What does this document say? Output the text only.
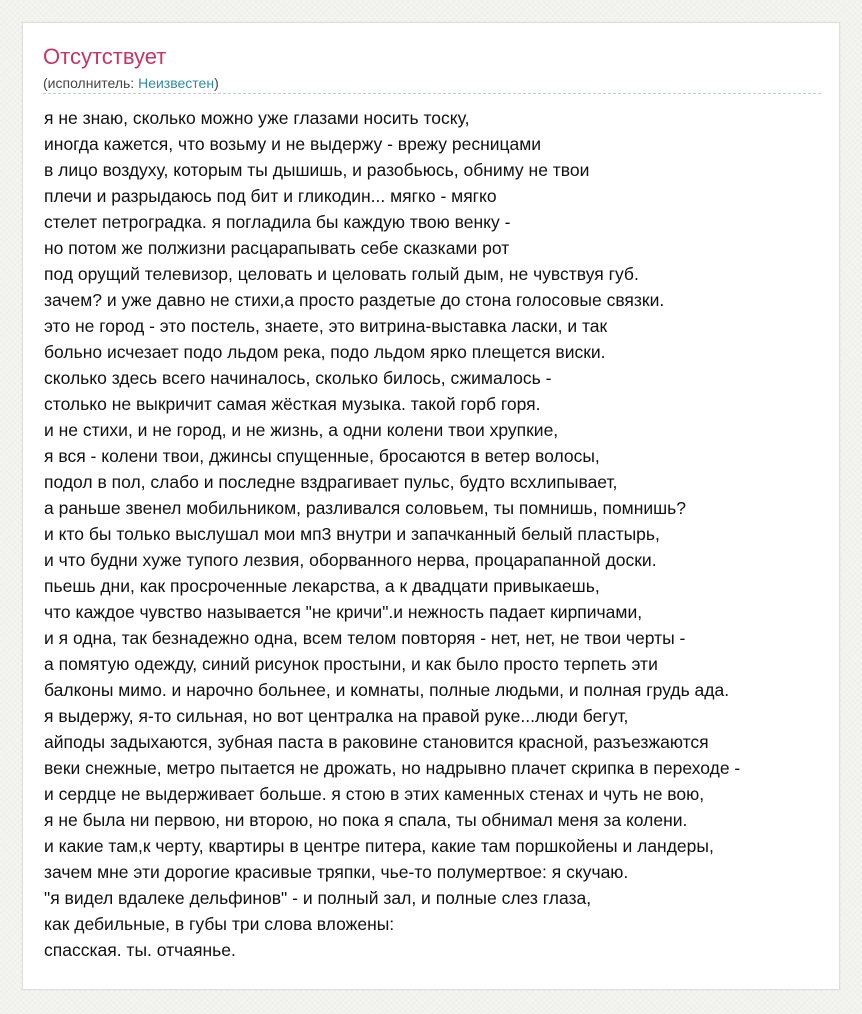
Отсутствует
(исполнитель: Неизвестен)
я не знаю, сколько можно уже глазами носить тоску,
иногда кажется, что возьму и не выдержу - врежу ресницами
в лицо воздуху, которым ты дышишь, и разобьюсь, обниму не твои
плечи и разрыдаюсь под бит и гликодин... мягко - мягко
стелет петроградка. я погладила бы каждую твою венку -
но потом же полжизни расцарапывать себе сказками рот
под орущий телевизор, целовать и целовать голый дым, не чувствуя губ.
зачем? и уже давно не стихи,а просто раздетые до стона голосовые связки.
это не город - это постель, знаете, это витрина-выставка ласки, и так
больно исчезает подо льдом река, подо льдом ярко плещется виски.
сколько здесь всего начиналось, сколько билось, сжималось -
столько не выкричит самая жёсткая музыка. такой горб горя.
и не стихи, и не город, и не жизнь, а одни колени твои хрупкие,
я вся - колени твои, джинсы спущенные, бросаются в ветер волосы,
подол в пол, слабо и последне вздрагивает пульс, будто всхлипывает,
а раньше звенел мобильником, разливался соловьем, ты помнишь, помнишь?
и кто бы только выслушал мои мп3 внутри и запачканный белый пластырь,
и что будни хуже тупого лезвия, оборванного нерва, процарапанной доски.
пьешь дни, как просроченные лекарства, а к двадцати привыкаешь,
что каждое чувство называется "не кричи".и нежность падает кирпичами,
и я одна, так безнадежно одна, всем телом повторяя - нет, нет, не твои черты -
а помятую одежду, синий рисунок простыни, и как было просто терпеть эти
балконы мимо. и нарочно больнее, и комнаты, полные людьми, и полная грудь ада.
я выдержу, я-то сильная, но вот централка на правой руке...люди бегут,
айподы задыхаются, зубная паста в раковине становится красной, разъезжаются
веки снежные, метро пытается не дрожать, но надрывно плачет скрипка в переходе -
и сердце не выдерживает больше. я стою в этих каменных стенах и чуть не вою,
я не была ни первою, ни второю, но пока я спала, ты обнимал меня за колени.
и какие там,к черту, квартиры в центре питера, какие там поршкойены и ландеры,
зачем мне эти дорогие красивые тряпки, чье-то полумертвое: я скучаю.
"я видел вдалеке дельфинов" - и полный зал, и полные слез глаза,
как дебильные, в губы три слова вложены:
спасская. ты. отчаянье.
